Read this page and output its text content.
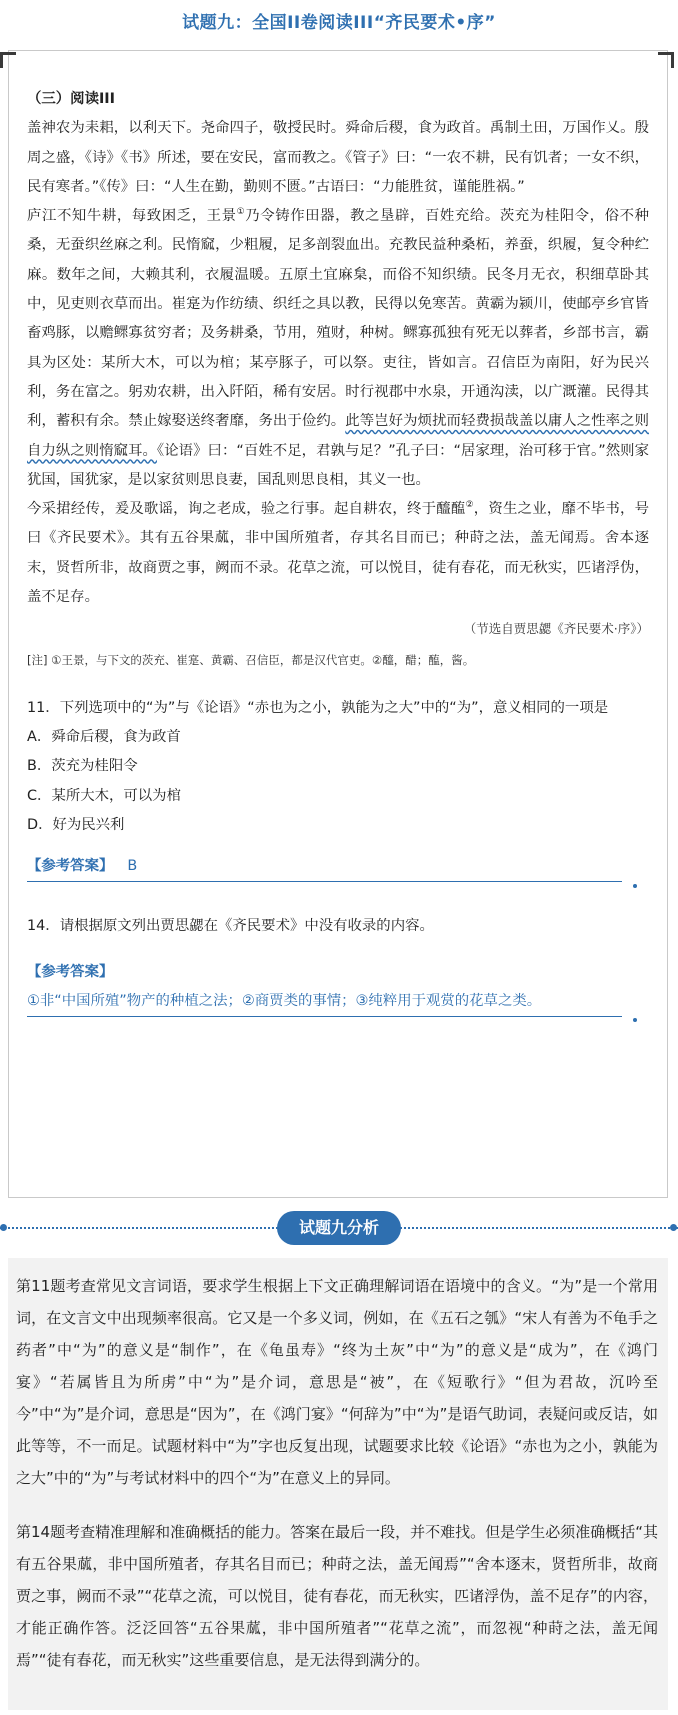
试题九：全国II卷阅读III“齐民要术•序”

（三）阅读III

盖神农为耒耜，以利天下。尧命四子，敬授民时。舜命后稷，食为政首。禹制土田，万国作乂。殷周之盛，《诗》《书》所述，要在安民，富而教之。《管子》曰：“一农不耕，民有饥者；一女不织，民有寒者。”《传》曰：“人生在勤，勤则不匮。”古语曰：“力能胜贫，谨能胜祸。”

庐江不知牛耕，每致困乏，王景①乃令铸作田器，教之垦辟，百姓充给。茨充为桂阳令，俗不种桑，无蚕织丝麻之利。民惰窳，少粗履，足多剖裂血出。充教民益种桑柘，养蚕，织履，复令种纻麻。数年之间，大赖其利，衣履温暖。五原土宜麻枲，而俗不知织绩。民冬月无衣，积细草卧其中，见吏则衣草而出。崔寔为作纺绩、织纴之具以教，民得以免寒苦。黄霸为颍川，使邮亭乡官皆畜鸡豚，以赡鳏寡贫穷者；及务耕桑，节用，殖财，种树。鳏寡孤独有死无以葬者，乡部书言，霸具为区处：某所大木，可以为棺；某亭豚子，可以祭。吏往，皆如言。召信臣为南阳，好为民兴利，务在富之。躬劝农耕，出入阡陌，稀有安居。时行视郡中水泉，开通沟渎，以广溉灌。民得其利，蓄积有余。禁止嫁娶送终奢靡，务出于俭约。此等岂好为烦扰而轻费损哉盖以庸人之性率之则自力纵之则惰窳耳。《论语》曰：“百姓不足，君孰与足？”孔子曰：“居家理，治可移于官。”然则家犹国，国犹家，是以家贫则思良妻，国乱则思良相，其义一也。

今采捃经传，爰及歌谣，询之老成，验之行事。起自耕农，终于醯醢②，资生之业，靡不毕书，号曰《齐民要术》。其有五谷果蓏，非中国所殖者，存其名目而已；种莳之法，盖无闻焉。舍本逐末，贤哲所非，故商贾之事，阙而不录。花草之流，可以悦目，徒有春花，而无秋实，匹诸浮伪，盖不足存。

（节选自贾思勰《齐民要术·序》）

[注] ①王景，与下文的茨充、崔寔、黄霸、召信臣，都是汉代官吏。②醯，醋；醢，酱。

11．下列选项中的“为”与《论语》“赤也为之小，孰能为之大”中的“为”，意义相同的一项是

A．舜命后稷，食为政首

B．茨充为桂阳令

C．某所大木，可以为棺

D．好为民兴利

【参考答案】 B

14．请根据原文列出贾思勰在《齐民要术》中没有收录的内容。

【参考答案】

①非“中国所殖”物产的种植之法；②商贾类的事情；③纯粹用于观赏的花草之类。

试题九分析

第11题考查常见文言词语，要求学生根据上下文正确理解词语在语境中的含义。“为”是一个常用词，在文言文中出现频率很高。它又是一个多义词，例如，在《五石之瓠》“宋人有善为不龟手之药者”中“为”的意义是“制作”，在《龟虽寿》“终为土灰”中“为”的意义是“成为”，在《鸿门宴》“若属皆且为所虏”中“为”是介词，意思是“被”，在《短歌行》“但为君故，沉吟至今”中“为”是介词，意思是“因为”，在《鸿门宴》“何辞为”中“为”是语气助词，表疑问或反诘，如此等等，不一而足。试题材料中“为”字也反复出现，试题要求比较《论语》“赤也为之小，孰能为之大”中的“为”与考试材料中的四个“为”在意义上的异同。

第14题考查精准理解和准确概括的能力。答案在最后一段，并不难找。但是学生必须准确概括“其有五谷果蓏，非中国所殖者，存其名目而已；种莳之法，盖无闻焉”“舍本逐末，贤哲所非，故商贾之事，阙而不录”“花草之流，可以悦目，徒有春花，而无秋实，匹诸浮伪，盖不足存”的内容，才能正确作答。泛泛回答“五谷果蓏，非中国所殖者”“花草之流”，而忽视“种莳之法，盖无闻焉”“徒有春花，而无秋实”这些重要信息，是无法得到满分的。
